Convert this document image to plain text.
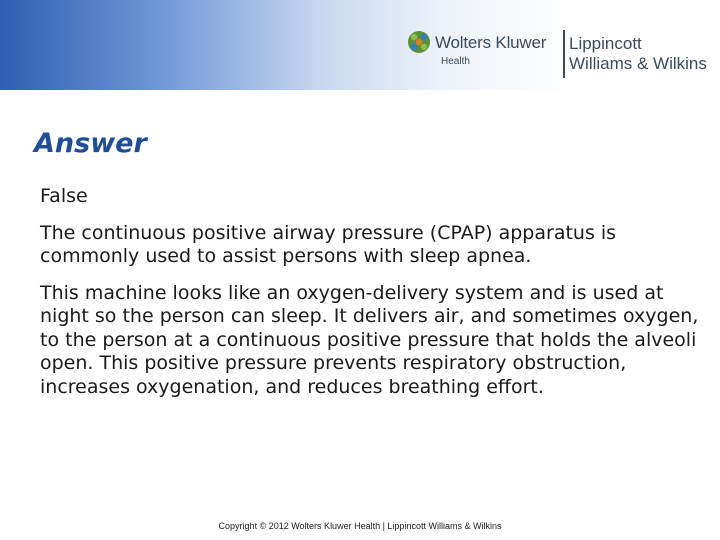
Wolters Kluwer
Health
Lippincott
Williams & Wilkins
Answer

False

The continuous positive airway pressure (CPAP) apparatus is commonly used to assist persons with sleep apnea.

This machine looks like an oxygen-delivery system and is used at night so the person can sleep. It delivers air, and sometimes oxygen, to the person at a continuous positive pressure that holds the alveoli open. This positive pressure prevents respiratory obstruction, increases oxygenation, and reduces breathing effort.

Copyright © 2012 Wolters Kluwer Health | Lippincott Williams & Wilkins
